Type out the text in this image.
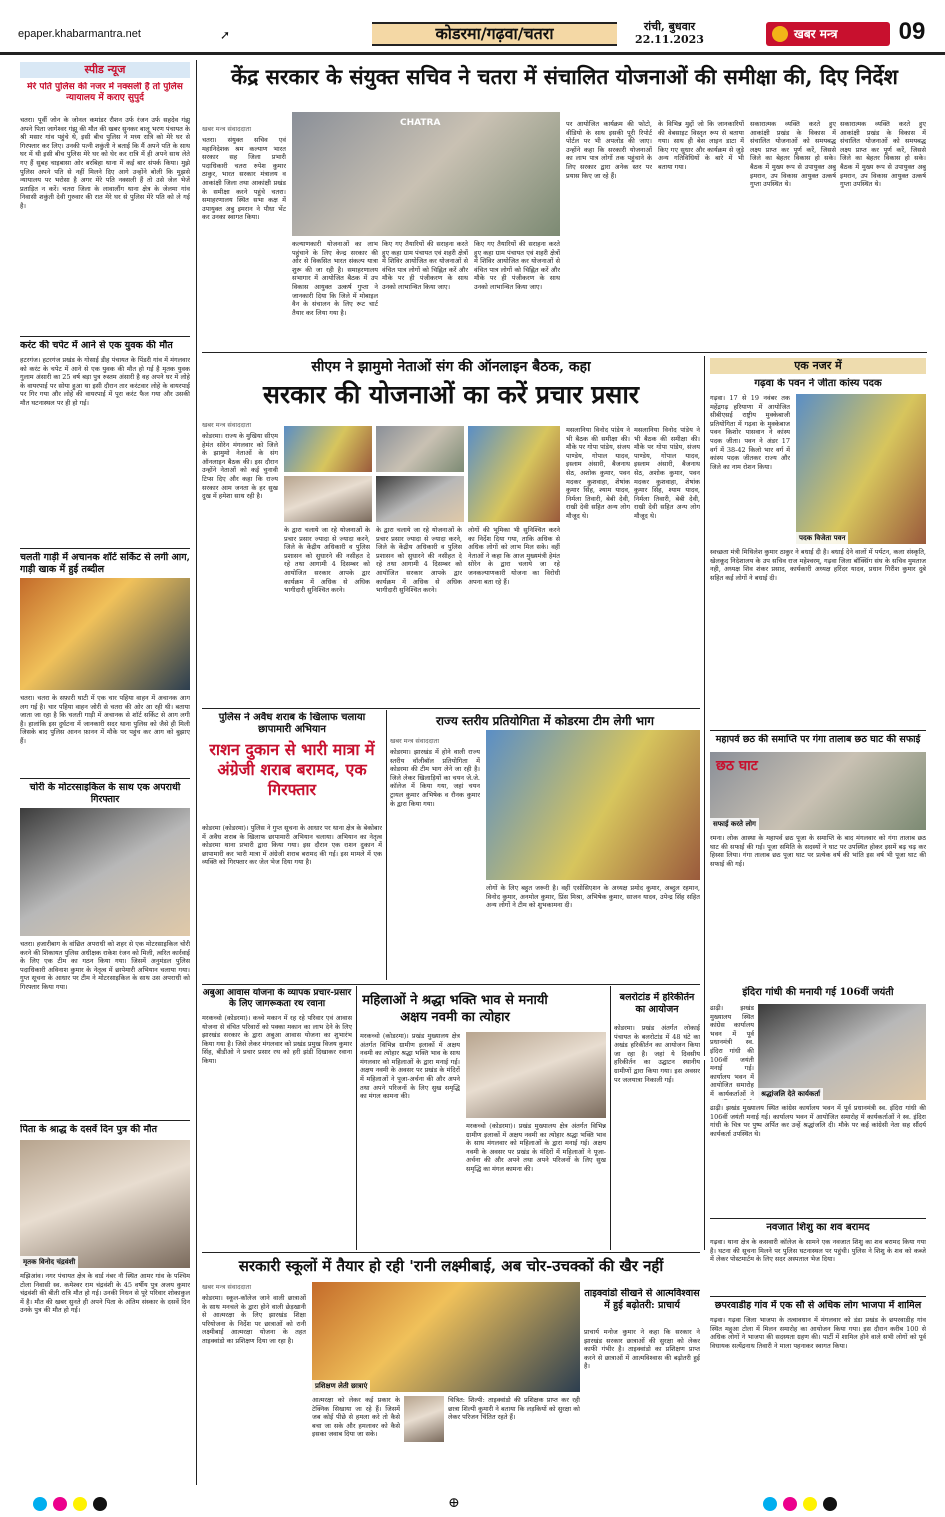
epaper.khabarmantra.net	➚	कोडरमा/गढ़वा/चतरा	रांची, बुधवार
22.11.2023	खबर मन्त्र	09
स्पीड न्यूज
मेरे पति पुलिस की नजर में नक्सली हैं तो पुलिस न्यायालय में कराए सुपुर्द
चतरा। पूर्वी जोन के जोनल कमांडर रौशन उर्फ रंजन उर्फ सहदेव गंझू अपने पिता जागेश्वर गंझू की मौत की खबर सुनकर बालू भरण पंचायत के श्री मसार गांव पहुंचे थे, इसी बीच पुलिस ने मध्य रात्रि को मेरे घर से गिरफ्तार कर लिए। उनकी पत्नी शकुंती ने बताई कि मैं अपने पति के साथ घर में थी इसी बीच पुलिस मेरे घर को घेर कर रात्रि में ही अपने साथ लेते गए हैं सुबह चाइबासा ओर बरबिहा थाना में कई बार संपर्क किया। मुझे पुलिस अपने पति से नहीं मिलने दिए आगे उन्होंने बोली कि मुझसे न्यायालय पर भरोसा है अगर मेरे पति नक्सली हैं तो उसे जेल भेजें प्रताड़ित न करें। चतरा जिला के लावालौंग थाना क्षेत्र के जेलमा गांव निवासी शकुंती देवी गुरुवार की रात मेरे घर से पुलिस मेरे पति को ले गई है।
करंट की चपेट में आने से एक युवक की मौत
हटरगंज। हटरगंज प्रखंड के गोसाई डीह पंचायत के पिंडरी गांव में मंगलवार को करंट के चपेट में आने से एक युवक की मौत हो गई है मृतक युवक गुलाम अंसारी का 25 वर्ष बड़ा पुत्र रुस्तम अंसारी है वह अपने घर में लोहे के वायरपाई पर सोया हुआ था इसी दौरान तार करंटवार लोहे के वायरपाई पर गिर गया और लोहे की वायरपाई में पूरा करंट फैल गया और उसकी मौत घटनास्थल पर ही हो गई।
चलती गाड़ी में अचानक शॉर्ट सर्किट से लगी आग, गाड़ी खाक में हुई तब्दील
चतरा। चतरा के सफ़ारी घाटी में एक चार पहिया वाहन में अचानक आग लग गई है। चार पहिया वाहन जोरी से चतरा की ओर आ रही थी। बताया जाता जा रहा है कि चलती गाड़ी में अचानक से शॉर्ट सर्किट से आग लगी है। हालांकि इस दुर्घटना में जानकारी सदर थाना पुलिस को जैसे ही मिली जिसके बाद पुलिस आनन फ़ानन में मौके पर पहुंच कर आग को बुझाए हैं।
चोरी के मोटरसाइकिल के साथ एक अपराधी गिरफ्तार
चतरा। हजारीबाग के वांछित अपराधी को शहर से एक मोटरसाइकिल चोरी करने की शिकायत पुलिस अधीक्षक राकेश रंजन को मिली, त्वरित कार्रवाई के लिए एक टीम का गठन किया गया। जिसमें अनुमंडल पुलिस पदाधिकारी अविनाश कुमार के नेतृत्व में छापेमारी अभियान चलाया गया। गुप्त सूचना के आधार पर टीम ने मोटरसाइकिल के साथ उस अपराधी को गिरफ्तार किया गया।
पिता के श्राद्ध के दसवें दिन पुत्र की मौत
मृतक विनोद चंद्रवंशी
मझिआंव। नगर पंचायत क्षेत्र के वार्ड नंबर नौ स्थित आमर गांव के पश्चिम टोला निवासी स्व. कमेश्वर राम चंद्रवंशी के 45 वर्षीय पुत्र अजय कुमार चंद्रवंशी की बीती रात्रि मौत हो गई। उनकी निधन से पूरे परिवार शोकाकुल में है। मौत की खबर सुनते ही अपने पिता के अंतिम संस्कार के दसवें दिन उनके पुत्र की मौत हो गई।
केंद्र सरकार के संयुक्त सचिव ने चतरा में संचालित योजनाओं की समीक्षा की, दिए निर्देश
खबर मन्त्र संवाददाता
चतरा। संयुक्त सचिव एवं महानिदेशक श्रम कल्याण भारत सरकार सह जिला प्रभारी पदाधिकारी चतरा रुपेश कुमार ठाकुर, भारत सरकार मंत्रालय व आकांक्षी जिला तथा आकांक्षी प्रखंड के समीक्षा करने पहुंचे चतरा। समाहरणालय स्थित सभा कक्ष में उपायुक्त अबु इमरान ने पौधा भेंट कर उनका स्वागत किया।
CHATRA
कल्याणकारी योजनाओं का लाभ पहुंचाने के लिए केन्द्र सरकार की ओर से विकसित भारत संकल्प यात्रा शुरू की जा रही है। समाहरणालय सभागार में आयोजित बैठक में उप विकास आयुक्त उत्कर्ष गुप्ता ने जानकारी दिया कि जिले में मोबाइल वैन के संचालन के लिए रूट चार्ट तैयार कर लिया गया है।
किए गए तैयारियों की सराहना करते हुए कहा ग्राम पंचायत एवं शहरी क्षेत्रों में शिविर आयोजित कर योजनाओं से वंचित पात्र लोगों को चिह्नित करें और मौके पर ही पंजीकरण के साथ उनको लाभान्वित किया जाए।
किए गए तैयारियों की सराहना करते हुए कहा ग्राम पंचायत एवं शहरी क्षेत्रों में शिविर आयोजित कर योजनाओं से वंचित पात्र लोगों को चिह्नित करें और मौके पर ही पंजीकरण के साथ उनको लाभान्वित किया जाए।
पर आयोजित कार्यक्रम की फोटो, वीडियो के साथ इसकी पूरी रिपोर्ट पोर्टल पर भी अपलोड की जाए। उन्होंने कहा कि सरकारी योजनाओं का लाभ पात्र लोगों तक पहुंचाने के लिए सरकार द्वारा अनेक स्तर पर प्रयास किए जा रहे हैं।
के विभिन्न मुद्दों जो कि जानकारियों की वेबसाइट विस्तृत रूप से बताया गया। साथ ही बेस लाइन डाटा में किए गए सुधार और कार्यक्रम से जुड़े अन्य गतिविधियों के बारे में भी बताया गया।
सकारात्मक व्यक्ति करते हुए आकांक्षी प्रखंड के विकास में संचालित योजनाओं को समयबद्ध लक्ष्य प्राप्त कर पूर्ण करें, जिससे जिले का बेहतर विकास हो सके। बैठक में मुख्य रूप से उपायुक्त अबु इमरान, उप विकास आयुक्त उत्कर्ष गुप्ता उपस्थित थे।
सकारात्मक व्यक्ति करते हुए आकांक्षी प्रखंड के विकास में संचालित योजनाओं को समयबद्ध लक्ष्य प्राप्त कर पूर्ण करें, जिससे जिले का बेहतर विकास हो सके। बैठक में मुख्य रूप से उपायुक्त अबु इमरान, उप विकास आयुक्त उत्कर्ष गुप्ता उपस्थित थे।
सीएम ने झामुमो नेताओं संग की ऑनलाइन बैठक, कहा
सरकार की योजनाओं का करें प्रचार प्रसार
खबर मन्त्र संवाददाता
कोडरमा। राज्य के मुखिया सीएम हेमंत सोरेन मंगलवार को जिले के झामुमो नेताओं के संग ऑनलाइन बैठक की। इस दौरान उन्होंने नेताओं को कई चुनावी टिप्स दिए और कहा कि राज्य सरकार आम जनता के हर सुख दुख में हमेशा साथ रही है।
के द्वारा चलाये जा रहे योजनाओं के प्रचार प्रसार ज्यादा से ज्यादा करने, जिले के केंद्रीय अधिकारी व पुलिस प्रशासन को सुधारने की नसीहत दे रहे तथा आगामी 4 दिसम्बर को आयोजित सरकार आपके द्वार कार्यक्रम में अधिक से अधिक भागीदारी सुनिश्चित करने।
के द्वारा चलाये जा रहे योजनाओं के प्रचार प्रसार ज्यादा से ज्यादा करने, जिले के केंद्रीय अधिकारी व पुलिस प्रशासन को सुधारने की नसीहत दे रहे तथा आगामी 4 दिसम्बर को आयोजित सरकार आपके द्वार कार्यक्रम में अधिक से अधिक भागीदारी सुनिश्चित करने।
लोगों की भूमिका भी सुनिश्चित करने का निर्देश दिया गया, ताकि अधिक से अधिक लोगों को लाभ मिल सके। वहीं नेताओं ने कहा कि आज मुख्यमंत्री हेमंत सोरेन के द्वारा चलाये जा रहे जनकल्याणकारी योजना का विरोधी अपना बता रहे हैं।
मसलानिया विनोद पांडेय ने भी बैठक की समीक्षा की। मौके पर गोपा पांडेय, संजय पाण्डेय, गोपाल यादव, इस्लाम अंसारी, बैजनाथ सेठ, अशोक कुमार, पवन मदकर कुशवाहा, शेषांक कुमार सिंह, श्याम यादव, निर्मला तिवारी, बेबी देवी, राखी देवी सहित अन्य लोग मौजूद थे।
मसलानिया विनोद पांडेय ने भी बैठक की समीक्षा की। मौके पर गोपा पांडेय, संजय पाण्डेय, गोपाल यादव, इस्लाम अंसारी, बैजनाथ सेठ, अशोक कुमार, पवन मदकर कुशवाहा, शेषांक कुमार सिंह, श्याम यादव, निर्मला तिवारी, बेबी देवी, राखी देवी सहित अन्य लोग मौजूद थे।
एक नजर में
गढ़वा के पवन ने जीता कांस्य पदक
गढ़वा। 17 से 19 नवंबर तक महेंद्रगढ़ हरियाणा में आयोजित सीबीएसई राष्ट्रीय मुक्केबाजी प्रतियोगिता में गढ़वा के मुक्केबाज पवन किशोर पासवान ने कांस्य पदक जीता। पवन ने अंडर 17 वर्ग में 38-42 किलो भार वर्ग में कांस्य पदक जीतकर राज्य और जिले का नाम रोशन किया।
पदक विजेता पवन
स्वच्छता मंत्री मिथिलेश कुमार ठाकुर ने बधाई दी है। बधाई देने वालों में पर्यटन, कला संस्कृति, खेलकूद निदेशालय के उप सचिव राज महेश्वरम्, गढ़वा जिला बॉक्सिंग संघ के सचिव मुमताज नही, अध्यक्ष शिव शंकर प्रसाद, कार्यकारी अध्यक्ष हरिंदर यादव, प्रधान गिरीश कुमार दुबे सहित कई लोगों ने बधाई दी।
पुलिस ने अवैध शराब के खिलाफ चलाया छापामारी अभियान
राशन दुकान से भारी मात्रा में अंग्रेजी शराब बरामद, एक गिरफ्तार
कोडरमा (कोडरमा)। पुलिस ने गुप्त सूचना के आधार पर थाना क्षेत्र के बेकोबार में अवैध शराब के खिलाफ छापामारी अभियान चलाया। अभियान का नेतृत्व कोडरमा थाना प्रभारी द्वारा किया गया। इस दौरान एक राशन दुकान में छापामारी कर भारी मात्रा में अंग्रेजी शराब बरामद की गई। इस मामले में एक व्यक्ति को गिरफ्तार कर जेल भेज दिया गया है।
राज्य स्तरीय प्रतियोगिता में कोडरमा टीम लेगी भाग
खबर मन्त्र संवाददाता
कोडरमा। झारखंड में होने वाली राज्य स्तरीय वॉलीबॉल प्रतियोगिता में कोडरमा की टीम भाग लेने जा रही है। जिले लेकर खिलाड़ियों का चयन जे.जे. कॉलेज में किया गया, जहां चयन ट्रायल कुमार अभिषेक व रौनक कुमार के द्वारा किया गया।
लोगों के लिए बहुत जरूरी है। वहीं एसोसिएशन के अध्यक्ष प्रमोद कुमार, अब्दुल रहमान, विनोद कुमार, अनमोल कुमार, प्रिंस मिश्रा, अभिषेक कुमार, साजन यादव, उपेन्द्र सिंह सहित अन्य लोगों ने टीम को शुभकामना दी।
महापर्व छठ की समाप्ति पर गंगा तालाब छठ घाट की सफाई
छठ घाट
सफाई करते लोग
रमना। लोक आस्था के महापर्व छठ पूजा के समाप्ति के बाद मंगलवार को गंगा तालाब छठ घाट की सफाई की गई। पूजा समिति के सदस्यों ने घाट पर उपस्थित होकर इसमें बढ़ चढ़ कर हिस्सा लिया। गंगा तालाब छठ पूजा घाट पर प्रत्येक वर्ष की भांति इस वर्ष भी पूजा घाट की सफाई की गई।
अबुआ आवास योजना के व्यापक प्रचार-प्रसार के लिए जागरूकता रथ रवाना
मरकच्चो (कोडरमा)। कच्चे मकान में रह रहे परिवार एवं आवास योजना से वंचित परिवारों को पक्का मकान का लाभ देने के लिए झारखंड सरकार के द्वारा अबुआ आवास योजना का शुभारंभ किया गया है। जिसे लेकर मंगलवार को प्रखंड प्रमुख विजय कुमार सिंह, बीडीओ ने प्रचार प्रसार रथ को हरी झंडी दिखाकर रवाना किया।
महिलाओं ने श्रद्धा भक्ति भाव से मनायी अक्षय नवमी का त्योहार
मरकच्चो (कोडरमा)। प्रखंड मुख्यालय क्षेत्र अंतर्गत विभिन्न ग्रामीण इलाकों में अक्षय नवमी का त्योहार श्रद्धा भक्ति भाव के साथ मंगलवार को महिलाओं के द्वारा मनाई गई। अक्षय नवमी के अवसर पर प्रखंड के मंदिरों में महिलाओं ने पूजा-अर्चना की और अपने तथा अपने परिजनों के लिए सुख समृद्धि का मंगल कामना की।
मरकच्चो (कोडरमा)। प्रखंड मुख्यालय क्षेत्र अंतर्गत विभिन्न ग्रामीण इलाकों में अक्षय नवमी का त्योहार श्रद्धा भक्ति भाव के साथ मंगलवार को महिलाओं के द्वारा मनाई गई। अक्षय नवमी के अवसर पर प्रखंड के मंदिरों में महिलाओं ने पूजा-अर्चना की और अपने तथा अपने परिजनों के लिए सुख समृद्धि का मंगल कामना की।
बलरोटांड में हरिकीर्तन का आयोजन
कोडरमा। प्रखंड अंतर्गत लोकाई पंचायत के बलरोटांड में 48 घंटे का अखंड हरिकीर्तन का आयोजन किया जा रहा है। जहां ये दिवसीय हरिकीर्तन का उद्घाटन स्थानीय ग्रामीणों द्वारा किया गया। इस अवसर पर जलयात्रा निकाली गई।
इंदिरा गांधी की मनायी गई 106वीं जयंती
श्रद्धांजलि देते कार्यकर्ता
ढाढ़ी। झखंड मुख्यालय स्थित कांग्रेस कार्यालय भवन में पूर्व प्रधानमंत्री स्व. इंदिरा गांधी की 106वीं जयंती मनाई गई। कार्यालय भवन में आयोजित समारोह में कार्यकर्ताओं ने
ढाढ़ी। झखंड मुख्यालय स्थित कांग्रेस कार्यालय भवन में पूर्व प्रधानमंत्री स्व. इंदिरा गांधी की 106वीं जयंती मनाई गई। कार्यालय भवन में आयोजित समारोह में कार्यकर्ताओं ने स्व. इंदिरा गांधी के चित्र पर पुष्प अर्पित कर उन्हें श्रद्धांजलि दी। मौके पर कई कांग्रेसी नेता सह सौंदर्य कार्यकर्ता उपस्थित थे।
नवजात शिशु का शव बरामद
गढ़वा। थाना क्षेत्र के कसवारी कॉलेज के सामने एक नवजात शिशु का शव बरामद किया गया है। घटना की सूचना मिलने पर पुलिस घटनास्थल पर पहुंची। पुलिस ने शिशु के शव को कब्जे में लेकर पोस्टमार्टम के लिए सदर अस्पताल भेज दिया।
छपरवाडीह गांव में एक सौ से अधिक लोग भाजपा में शामिल
गढ़वा। गढ़वा जिला भाजपा के तत्वावधान में मंगलवार को डंडा प्रखंड के छपरवाडीह गांव स्थित महुआ टोला में मिलन समारोह का आयोजन किया गया। इस दौरान करीब 100 से अधिक लोगों ने भाजपा की सदस्यता ग्रहण की। पार्टी में शामिल होने वाले सभी लोगों को पूर्व विधायक सत्येंद्रनाथ तिवारी ने माला पहनाकर स्वागत किया।
सरकारी स्कूलों में तैयार हो रही 'रानी लक्ष्मीबाई, अब चोर-उचक्कों की खैर नहीं
खबर मन्त्र संवाददाता
कोडरमा। स्कूल-कॉलेज जाने वाली छात्राओं के साथ मनचले के द्वारा होने वाली छेड़खानी से आत्मरक्षा के लिए झारखंड शिक्षा परियोजना के निर्देश पर छात्राओं को रानी लक्ष्मीबाई आत्मरक्षा योजना के तहत ताइक्वांडो का प्रशिक्षण दिया जा रहा है।
प्रशिक्षण लेती छात्राएं
आत्मरक्षा को लेकर कई प्रकार के टेक्निक सिखाया जा रहे हैं। जिसमें जब कोई पीछे से हमला करे तो कैसे बचा जा सके और हमलावर को कैसे इसका जवाब दिया जा सके।
चित्रित: शिल्पी: ताइक्वांडो की प्रशिक्षक प्राप्त कर रही छात्रा शिल्पी कुमारी ने बताया कि लड़कियों को सुरक्षा को लेकर परिजन चिंतित रहते हैं।
ताइक्वांडो सीखने से आत्मविश्वास में हुई बढ़ोतरी: प्राचार्य
प्राचार्य मनोज कुमार ने कहा कि सरकार ने झारखंड सरकार छात्राओं की सुरक्षा को लेकर काफी गंभीर है। ताइक्वांडो का प्रशिक्षण प्राप्त करने से छात्राओं में आत्मविश्वास की बढ़ोतरी हुई है।
⊕
